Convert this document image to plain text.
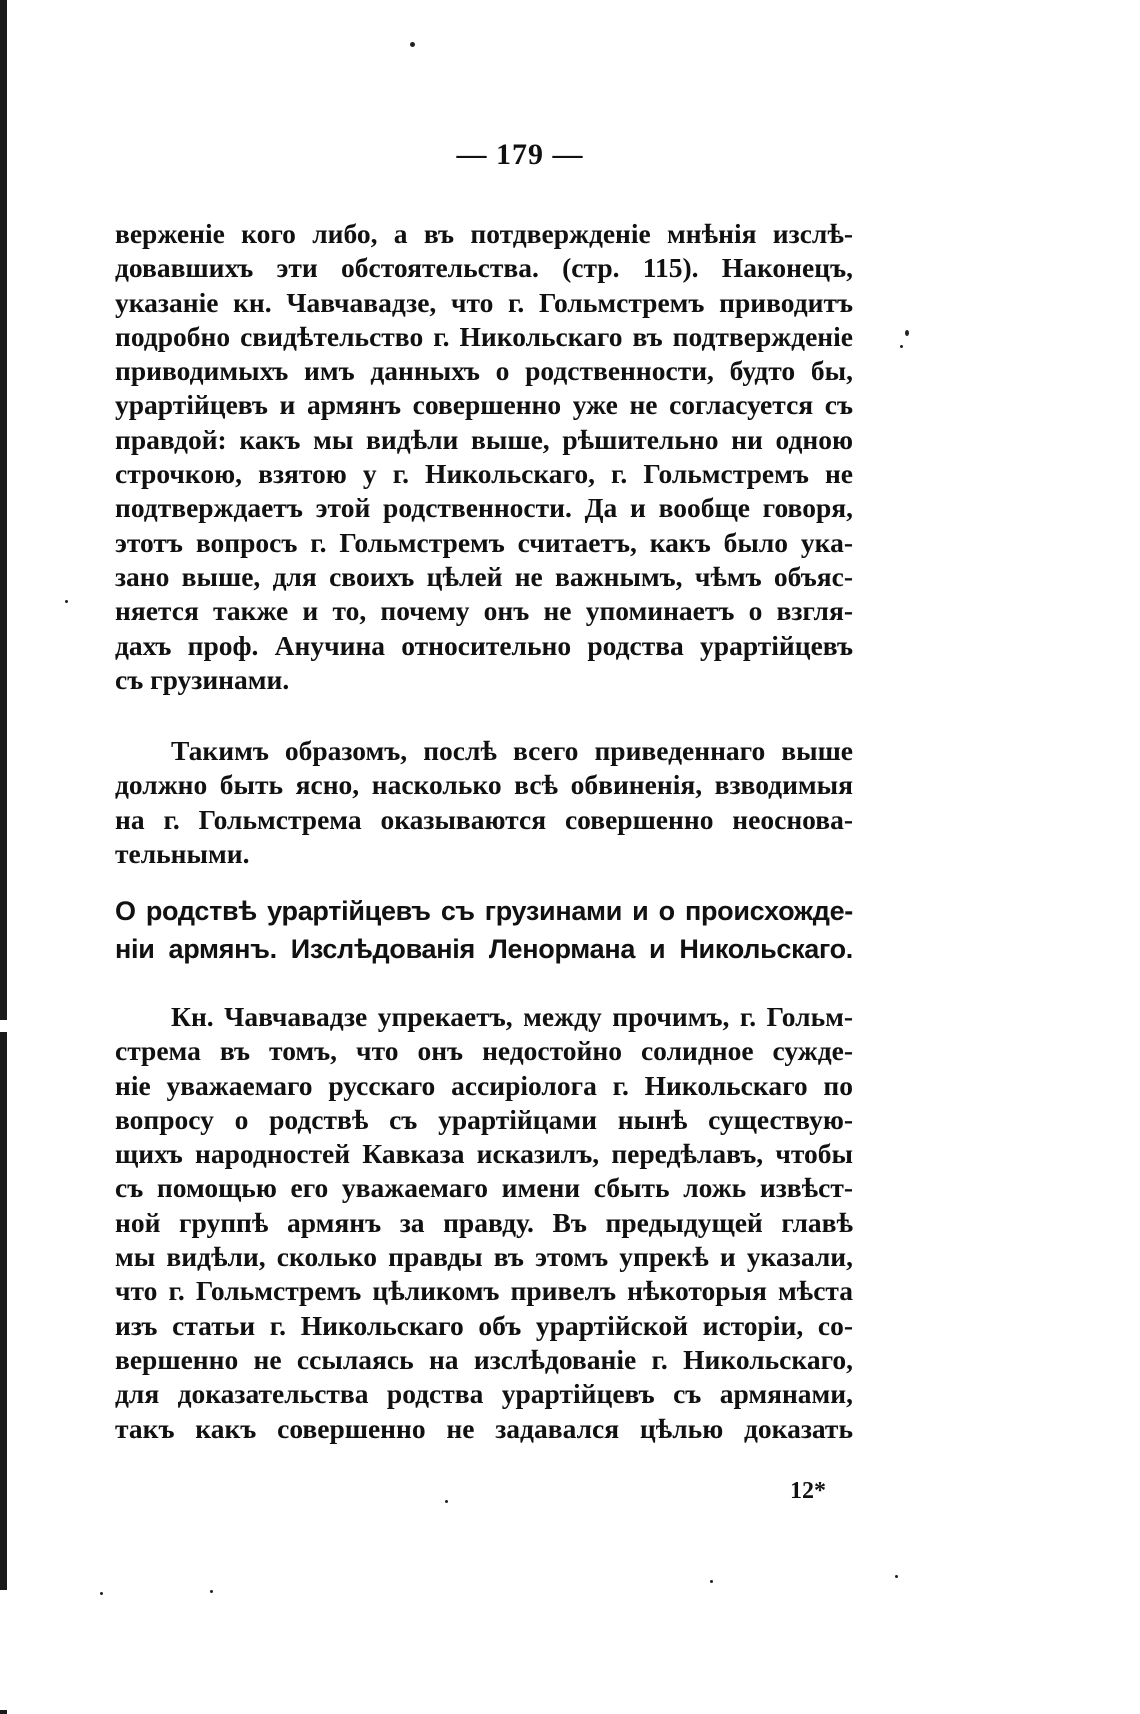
— 179 —
верженіе кого либо, а въ потдвержденіе мнѣнія изслѣ-
довавшихъ эти обстоятельства. (стр. 115). Наконецъ,
указаніе кн. Чавчавадзе, что г. Гольмстремъ приводитъ
подробно свидѣтельство г. Никольскаго въ подтвержденіе
приводимыхъ имъ данныхъ о родственности, будто бы,
урартійцевъ и армянъ совершенно уже не согласуется съ
правдой: какъ мы видѣли выше, рѣшительно ни одною
строчкою, взятою у г. Никольскаго, г. Гольмстремъ не
подтверждаетъ этой родственности. Да и вообще говоря,
этотъ вопросъ г. Гольмстремъ считаетъ, какъ было ука-
зано выше, для своихъ цѣлей не важнымъ, чѣмъ объяс-
няется также и то, почему онъ не упоминаетъ о взгля-
дахъ проф. Анучина относительно родства урартійцевъ
съ грузинами.
Такимъ образомъ, послѣ всего приведеннаго выше
должно быть ясно, насколько всѣ обвиненія, взводимыя
на г. Гольмстрема оказываются совершенно неоснова-
тельными.
О родствѣ урартійцевъ съ грузинами и о происхожде-
ніи армянъ. Изслѣдованія Ленормана и Никольскаго.
Кн. Чавчавадзе упрекаетъ, между прочимъ, г. Гольм-
стрема въ томъ, что онъ недостойно солидное сужде-
ніе уважаемаго русскаго ассиріолога г. Никольскаго по
вопросу о родствѣ съ урартійцами нынѣ существую-
щихъ народностей Кавказа исказилъ, передѣлавъ, чтобы
съ помощью его уважаемаго имени сбыть ложь извѣст-
ной группѣ армянъ за правду. Въ предыдущей главѣ
мы видѣли, сколько правды въ этомъ упрекѣ и указали,
что г. Гольмстремъ цѣликомъ привелъ нѣкоторыя мѣста
изъ статьи г. Никольскаго объ урартійской исторіи, со-
вершенно не ссылаясь на изслѣдованіе г. Никольскаго,
для доказательства родства урартійцевъ съ армянами,
такъ какъ совершенно не задавался цѣлью доказать
12*
